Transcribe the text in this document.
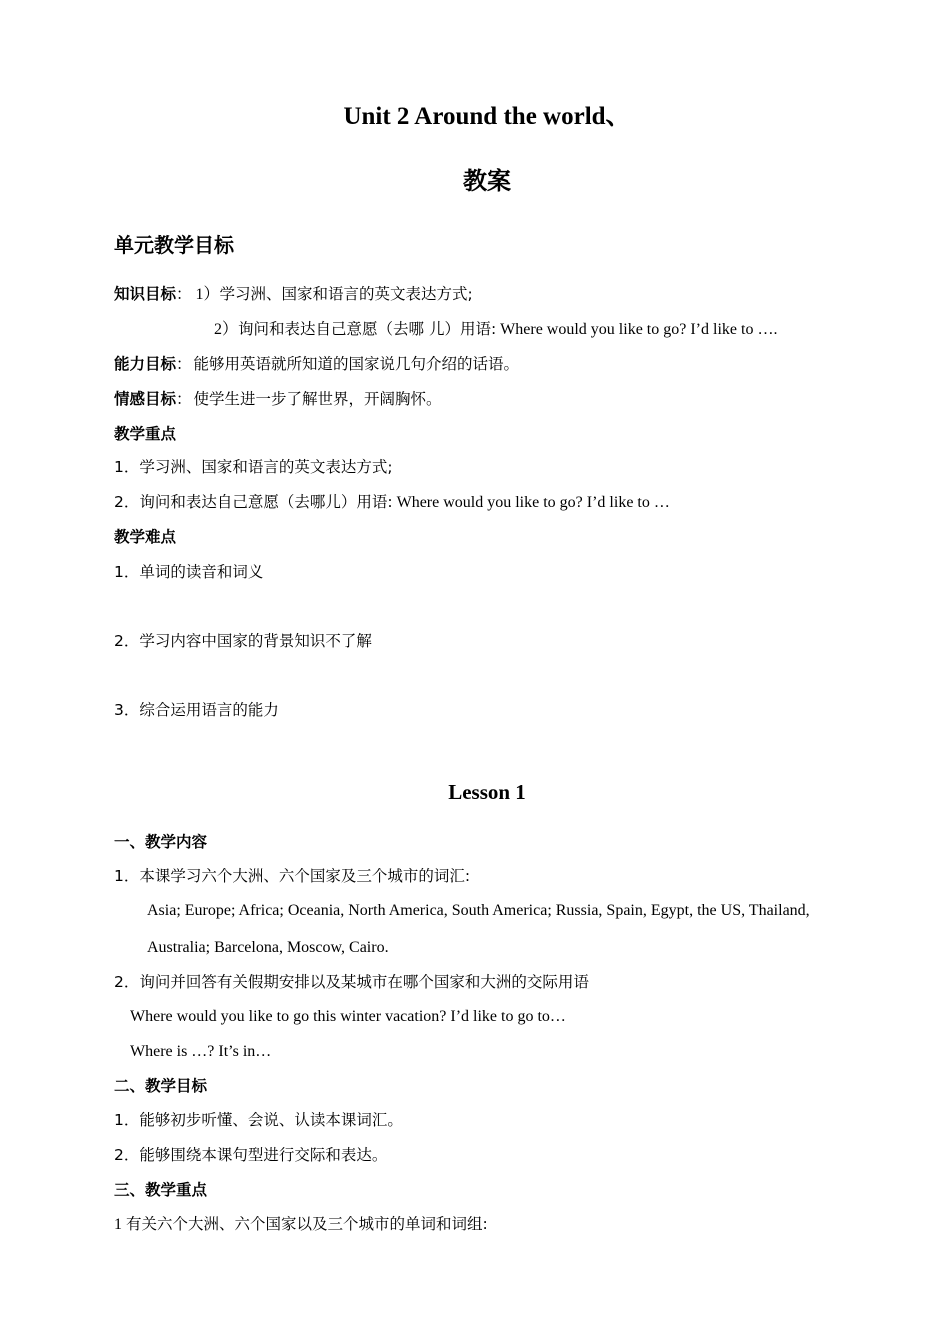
Unit 2 Around the world、
教案
单元教学目标
知识目标： 1）学习洲、国家和语言的英文表达方式;
2）询问和表达自己意愿（去哪 儿）用语: Where would you like to go? I’d like to ….
能力目标： 能够用英语就所知道的国家说几句介绍的话语。
情感目标： 使学生进一步了解世界，开阔胸怀。
教学重点
1．学习洲、国家和语言的英文表达方式;
2．询问和表达自己意愿（去哪儿）用语: Where would you like to go? I’d like to …
教学难点
1．单词的读音和词义
2．学习内容中国家的背景知识不了解
3．综合运用语言的能力
Lesson 1
一、教学内容
1．本课学习六个大洲、六个国家及三个城市的词汇:
Asia; Europe; Africa; Oceania, North America, South America; Russia, Spain, Egypt, the US, Thailand,
Australia; Barcelona, Moscow, Cairo.
2．询问并回答有关假期安排以及某城市在哪个国家和大洲的交际用语
Where would you like to go this winter vacation? I’d like to go to…
Where is …? It’s in…
二、教学目标
1．能够初步听懂、会说、认读本课词汇。
2．能够围绕本课句型进行交际和表达。
三、教学重点
1 有关六个大洲、六个国家以及三个城市的单词和词组:
